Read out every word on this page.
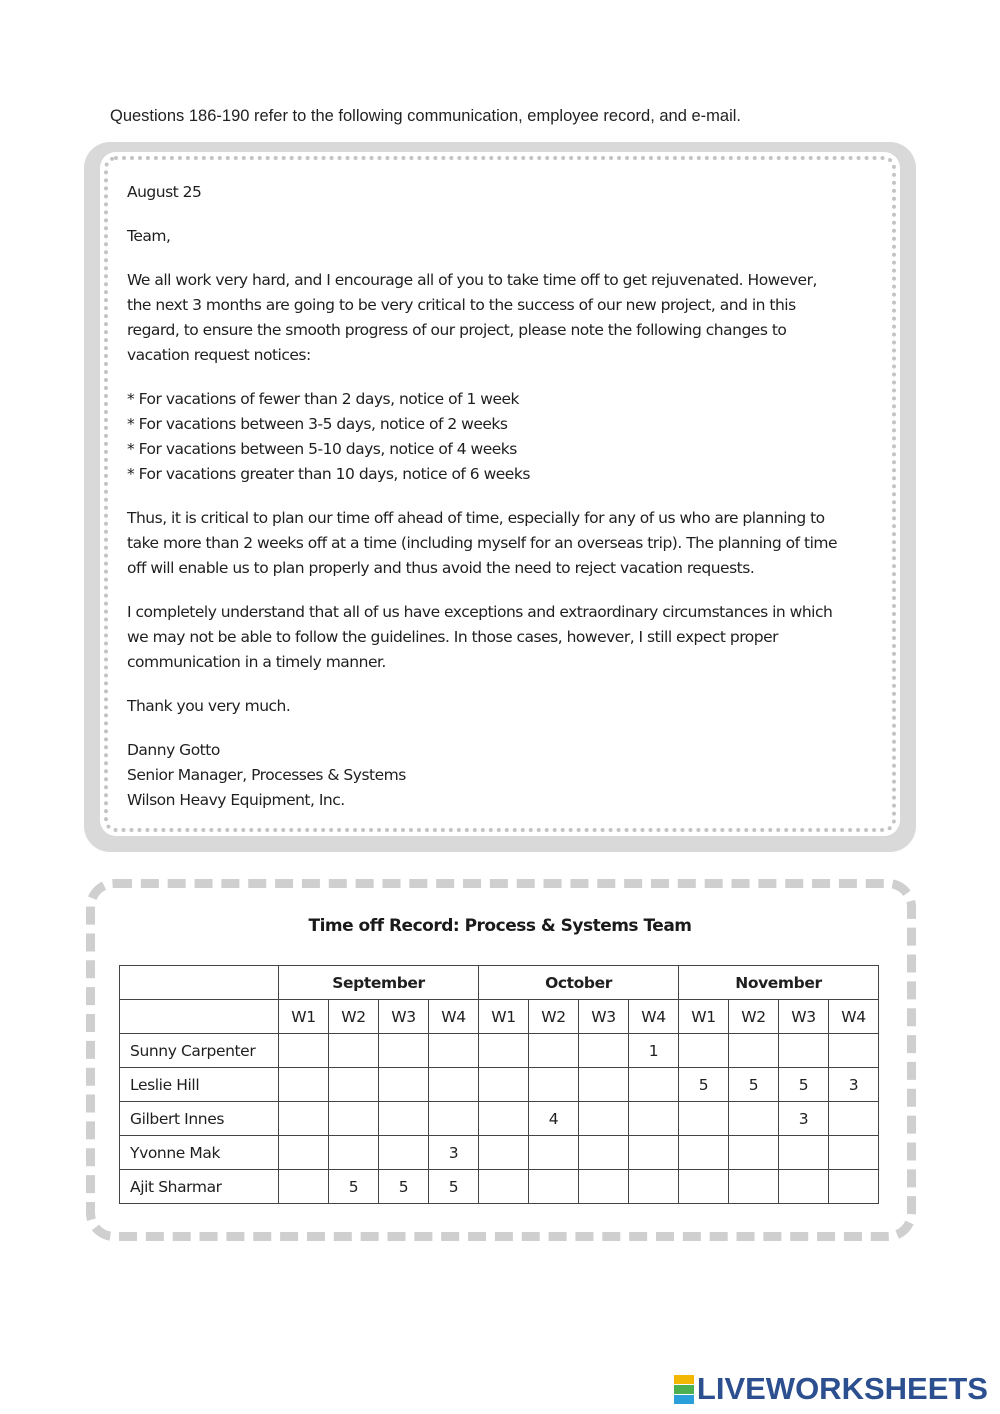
Questions 186-190 refer to the following communication, employee record, and e-mail.

August 25

Team,

We all work very hard, and I encourage all of you to take time off to get rejuvenated. However,
the next 3 months are going to be very critical to the success of our new project, and in this
regard, to ensure the smooth progress of our project, please note the following changes to
vacation request notices:

* For vacations of fewer than 2 days, notice of 1 week
* For vacations between 3-5 days, notice of 2 weeks
* For vacations between 5-10 days, notice of 4 weeks
* For vacations greater than 10 days, notice of 6 weeks

Thus, it is critical to plan our time off ahead of time, especially for any of us who are planning to
take more than 2 weeks off at a time (including myself for an overseas trip). The planning of time
off will enable us to plan properly and thus avoid the need to reject vacation requests.

I completely understand that all of us have exceptions and extraordinary circumstances in which
we may not be able to follow the guidelines. In those cases, however, I still expect proper
communication in a timely manner.

Thank you very much.

Danny Gotto
Senior Manager, Processes & Systems
Wilson Heavy Equipment, Inc.

Time off Record: Process & Systems Team
	September				October				November			
	W1	W2	W3	W4	W1	W2	W3	W4	W1	W2	W3	W4
Sunny Carpenter								1				
Leslie Hill									5	5	5	3
Gilbert Innes						4					3	
Yvonne Mak				3								
Ajit Sharmar		5	5	5								
LIVEWORKSHEETS
